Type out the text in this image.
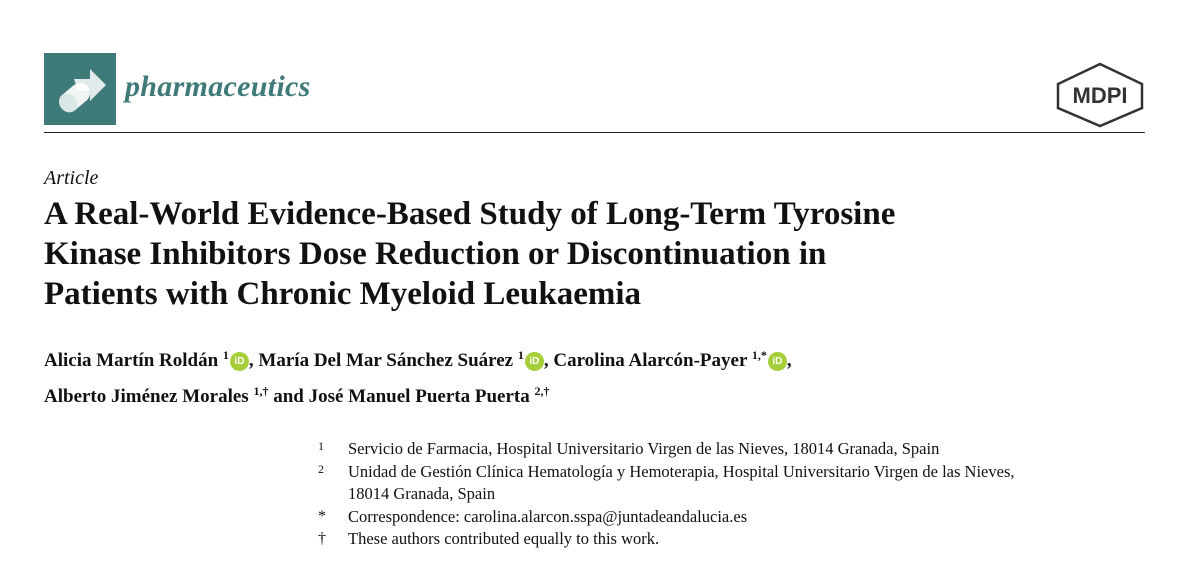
pharmaceutics	MDPI
Article
A Real-World Evidence-Based Study of Long-Term Tyrosine
Kinase Inhibitors Dose Reduction or Discontinuation in
Patients with Chronic Myeloid Leukaemia
Alicia Martín Roldán $^1$ iD , María Del Mar Sánchez Suárez $^1$ iD , Carolina Alarcón-Payer $^{1,*}$ iD ,
Alberto Jiménez Morales $^{1,\dagger}$ and José Manuel Puerta Puerta $^{2,\dagger}$
1	Servicio de Farmacia, Hospital Universitario Virgen de las Nieves, 18014 Granada, Spain
2	Unidad de Gestión Clínica Hematología y Hemoterapia, Hospital Universitario Virgen de las Nieves,
18014 Granada, Spain
*	Correspondence: carolina.alarcon.sspa@juntadeandalucia.es
†	These authors contributed equally to this work.
